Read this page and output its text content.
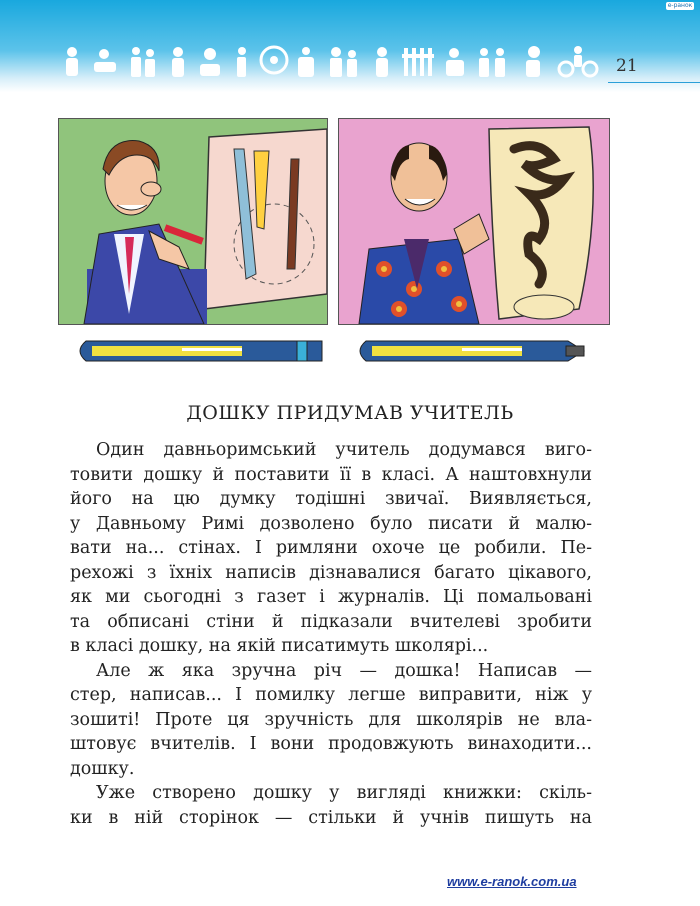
e-ранок
21
ДОШКУ ПРИДУМАВ УЧИТЕЛЬ

Один давньоримський учитель додумався виго-
товити дошку й поставити її в класі. А наштовхнули
його на цю думку тодішні звичаї. Виявляється,
у Давньому Римі дозволено було писати й малю-
вати на... стінах. І римляни охоче це робили. Пе-
рехожі з їхніх написів дізнавалися багато цікавого,
як ми сьогодні з газет і журналів. Ці помальовані
та обписані стіни й підказали вчителеві зробити
в класі дошку, на якій писатимуть школярі...

Але ж яка зручна річ — дошка! Написав —
стер, написав... І помилку легше виправити, ніж у
зошиті! Проте ця зручність для школярів не вла-
штовує вчителів. І вони продовжують винаходити...
дошку.

Уже створено дошку у вигляді книжки: скіль-
ки в ній сторінок — стільки й учнів пишуть на

www.e-ranok.com.ua
